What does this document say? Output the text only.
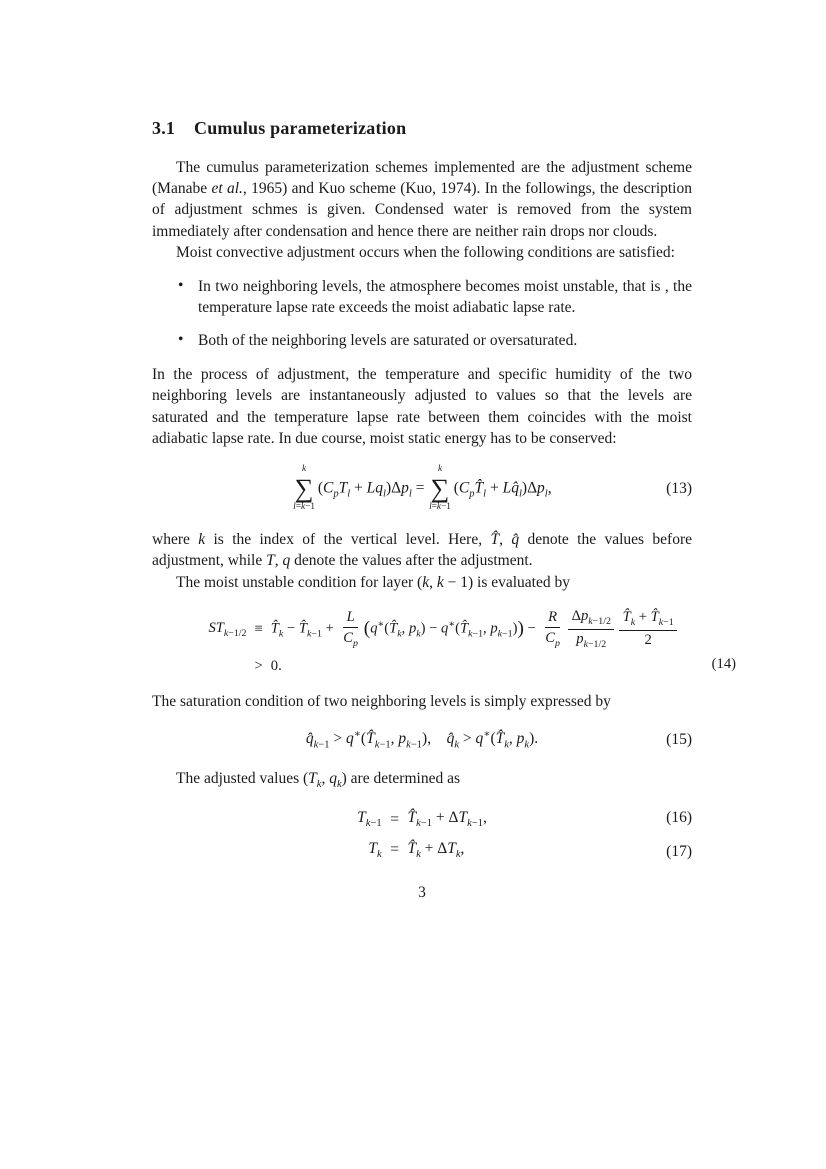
3.1 Cumulus parameterization

The cumulus parameterization schemes implemented are the adjustment scheme (Manabe et al., 1965) and Kuo scheme (Kuo, 1974). In the followings, the description of adjustment schmes is given. Condensed water is removed from the system immediately after condensation and hence there are neither rain drops nor clouds.

Moist convective adjustment occurs when the following conditions are satisfied:

• In two neighboring levels, the atmosphere becomes moist unstable, that is , the temperature lapse rate exceeds the moist adiabatic lapse rate.
• Both of the neighboring levels are saturated or oversaturated.

In the process of adjustment, the temperature and specific humidity of the two neighboring levels are instantaneously adjusted to values so that the levels are saturated and the temperature lapse rate between them coincides with the moist adiabatic lapse rate. In due course, moist static energy has to be conserved:

k
∑
l=k−1
$(C_pT_l + Lq_l)\Delta p_l$ =
k
∑
l=k−1
($C_pT̂_l$ + $Lq̂_l)\Delta p_l$,	(13)

where k is the index of the vertical level. Here, T̂, q̂ denote the values before adjustment, while T, q denote the values after the adjustment.

The moist unstable condition for layer (k, k − 1) is evaluated by

$ST_{k-1/2}$ ≡ $T̂_k$ − $T̂_{k-1} + \frac{L}{C_p}$ ($q^∗(T̂_k$, $p_k$) − $q^∗(T̂_{k-1}$, $p_{k-1})) - \frac{R}{C_p} \frac{\Delta p_{k-1/2}}{p_{k-1/2}} \frac{T̂_k + T̂_{k-1}}{2}$
> 0.	(14)

The saturation condition of two neighboring levels is simply expressed by

$q̂_{k-1}$ > $q^∗(T̂_{k-1}$, $p_{k-1}$),  $q̂_k$ > $q^∗(T̂_k$, $p_k$).	(15)

The adjusted values ($T_k$, $q_k$) are determined as

$T_{k-1}$ = $T̂_{k-1} + \Delta T_{k-1}$,
$T_k$ = $T̂_k + \Delta T_k$,
(16)
(17)
3
